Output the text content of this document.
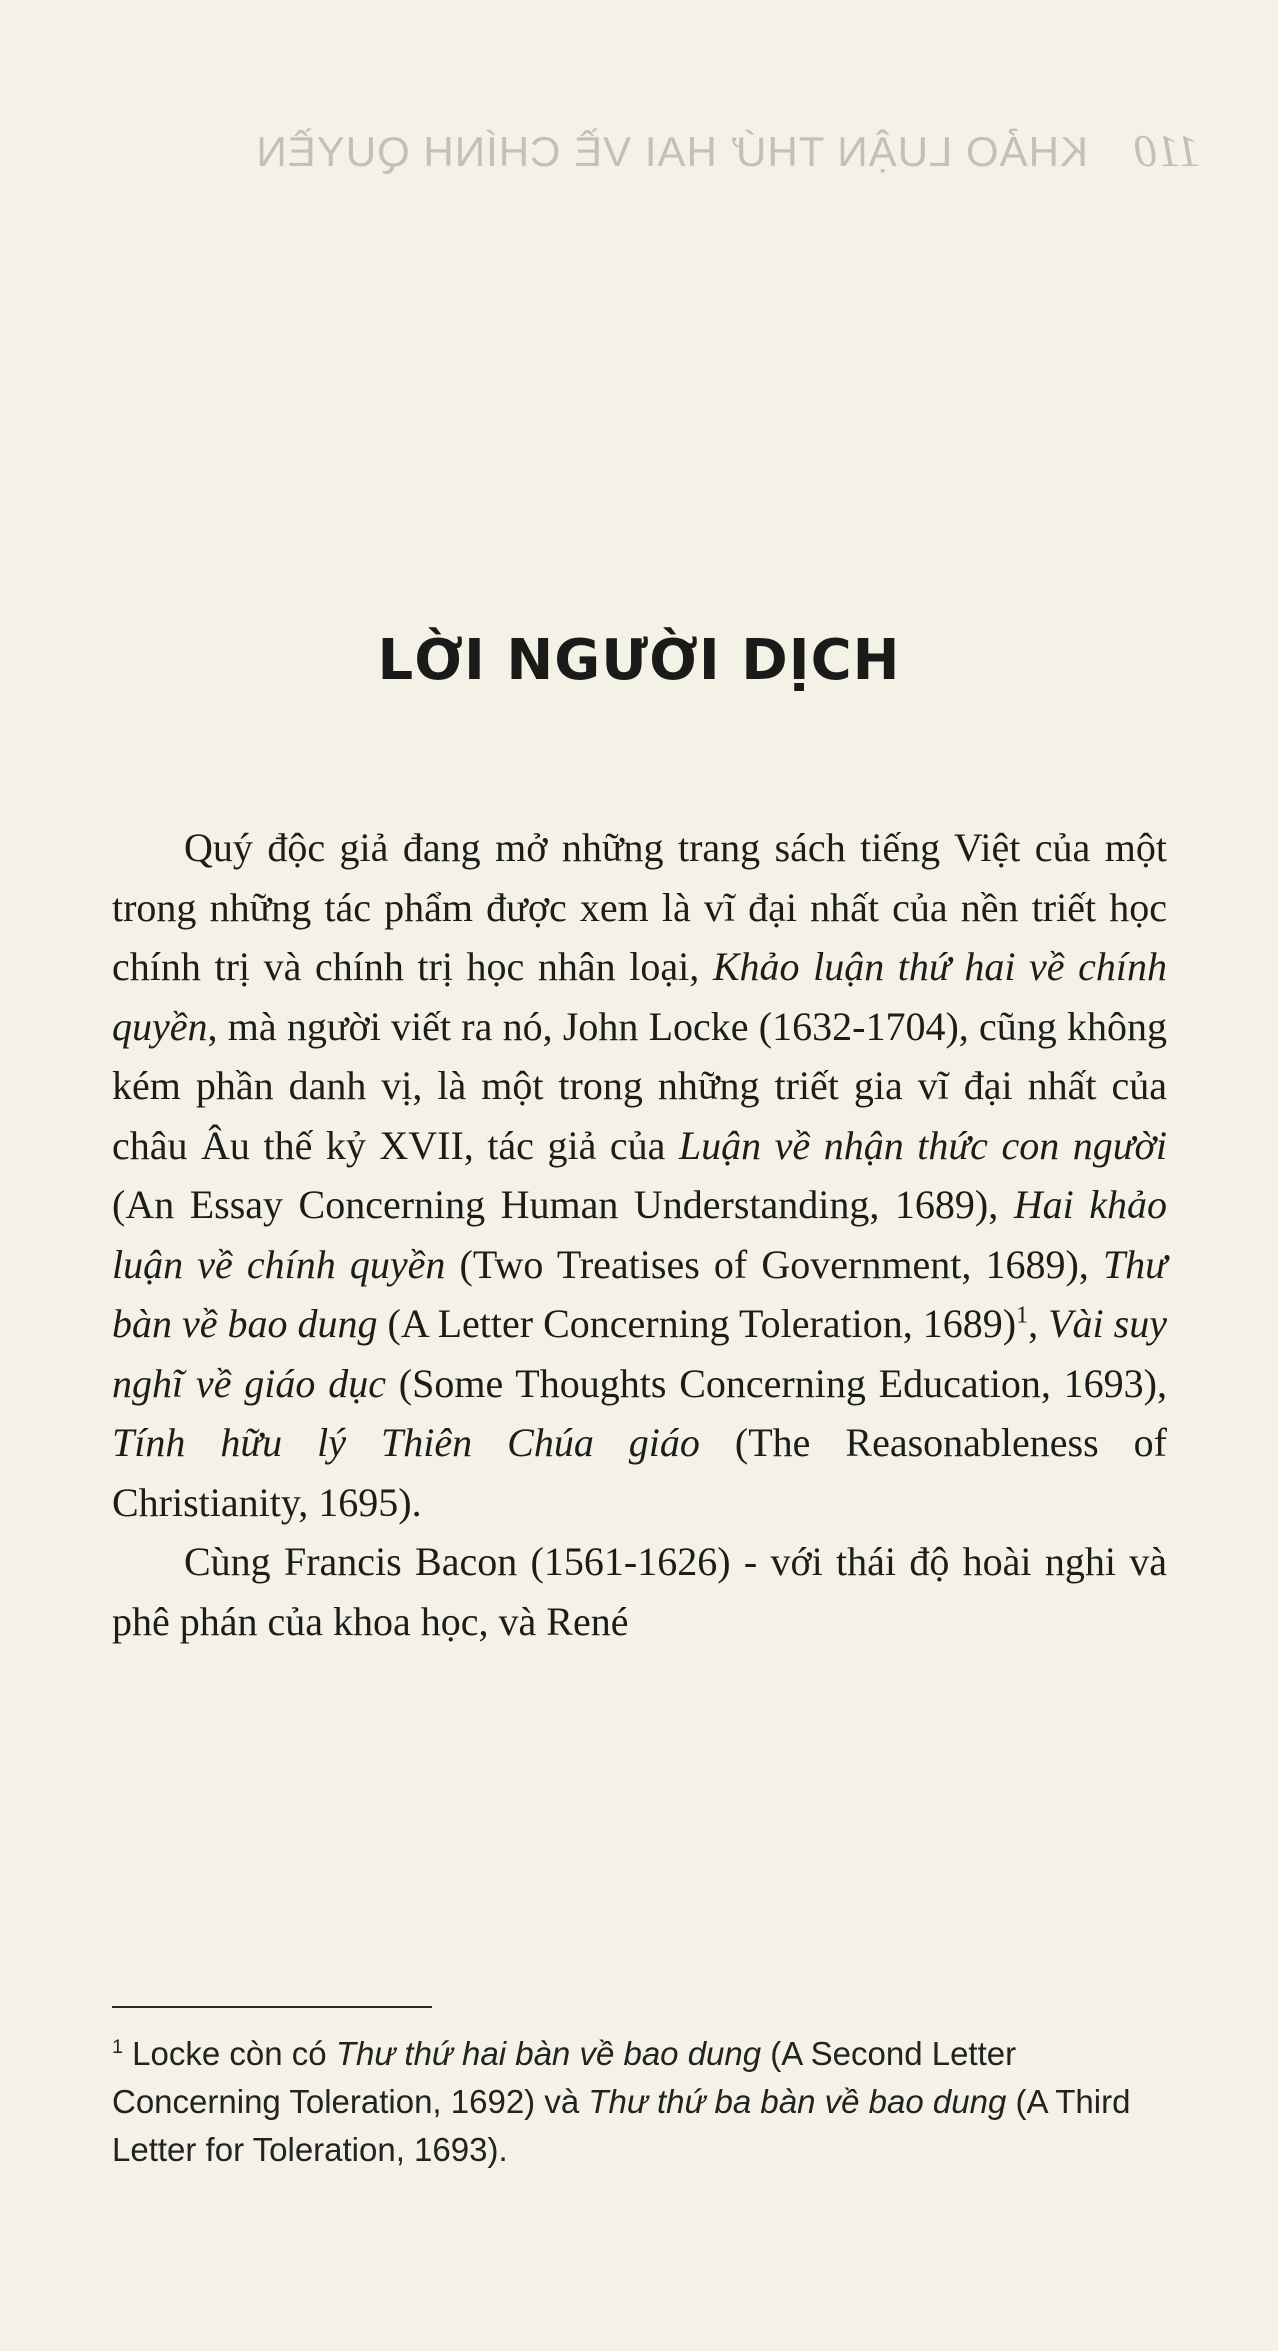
110
KHẢO LUẬN THỨ HAI VỀ CHÍNH QUYỀN
LỜI NGƯỜI DỊCH

Quý độc giả đang mở những trang sách tiếng Việt của một trong những tác phẩm được xem là vĩ đại nhất của nền triết học chính trị và chính trị học nhân loại, Khảo luận thứ hai về chính quyền, mà người viết ra nó, John Locke (1632-1704), cũng không kém phần danh vị, là một trong những triết gia vĩ đại nhất của châu Âu thế kỷ XVII, tác giả của Luận về nhận thức con người (An Essay Concerning Human Understanding, 1689), Hai khảo luận về chính quyền (Two Treatises of Government, 1689), Thư bàn về bao dung (A Letter Concerning Toleration, 1689)$^1$, Vài suy nghĩ về giáo dục (Some Thoughts Concerning Education, 1693), Tính hữu lý Thiên Chúa giáo (The Reasonableness of Christianity, 1695).

Cùng Francis Bacon (1561-1626) - với thái độ hoài nghi và phê phán của khoa học, và René

$^1$ Locke còn có Thư thứ hai bàn về bao dung (A Second Letter Concerning Toleration, 1692) và Thư thứ ba bàn về bao dung (A Third Letter for Toleration, 1693).
